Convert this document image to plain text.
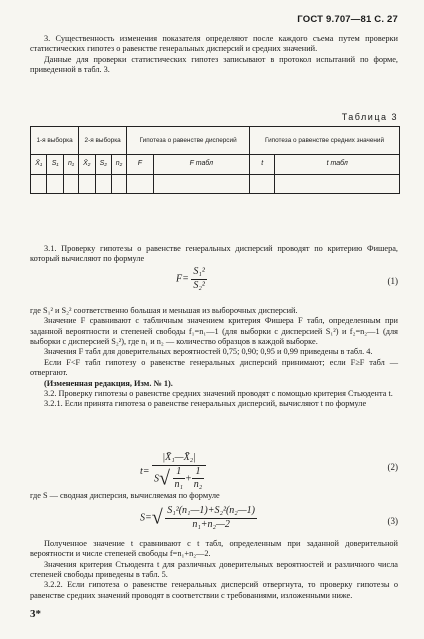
ГОСТ 9.707—81 С. 27

3. Существенность изменения показателя определяют после каждого съема путем проверки статистических гипотез о равенстве генеральных дисперсий и средних значений.

Данные для проверки статистических гипотез записывают в протокол испытаний по форме, приведенной в табл. 3.

Таблица 3
1-я выборка			2-я выборка			Гипотеза о равенстве дисперсий		Гипотеза о равенстве средних значений	
X̄₁	S₁	n₁	X̄₂	S₂	n₂	F	F табл	t	t табл

3.1. Проверку гипотезы о равенстве генеральных дисперсий проводят по критерию Фишера, который вычисляют по формуле

$F= \frac{\text{S₁²}}{\text{S₂²}}$	(1)

где S₁² и S₂² соответственно большая и меньшая из выборочных дисперсий.

Значение F сравнивают с табличным значением критерия Фишера F табл, определенным при заданной вероятности и степеней свободы f₁=n₁—1 (для выборки с дисперсией S₁²) и f₂=n₂—1 (для выборки с дисперсией S₂²), где n₁ и n₂ — количество образцов в каждой выборке.

Значения F табл для доверительных вероятностей 0,75; 0,90; 0,95 и 0,99 приведены в табл. 4.

Если F<F табл гипотезу о равенстве генеральных дисперсий принимают; если F≥F табл — отвергают.

(Измененная редакция, Изм. № 1).

3.2. Проверку гипотезы о равенстве средних значений проводят с помощью критерия Стьюдента t.

3.2.1. Если принята гипотеза о равенстве генеральных дисперсий, вычисляют t по формуле

t=
|X̄₁—X̄₂|
$S√ \frac{1}{\text{n₁}} + \frac{1}{\text{n₂}}$	(2)

где S — сводная дисперсия, вычисляемая по формуле

$S=√ \frac{\text{S₁²(n₁—1)+S₂²(n₂—1)}}{\text{n₁+n₂—2}}$	(3)

Полученное значение t сравнивают с t табл, определенным при заданной доверительной вероятности и числе степеней свободы f=n₁+n₂—2.

Значения критерия Стьюдента t для различных доверительных вероятностей и различного числа степеней свободы приведены в табл. 5.

3.2.2. Если гипотеза о равенстве генеральных дисперсий отвергнута, то проверку гипотезы о равенстве средних значений проводят в соответствии с требованиями, изложенными ниже.

3*
